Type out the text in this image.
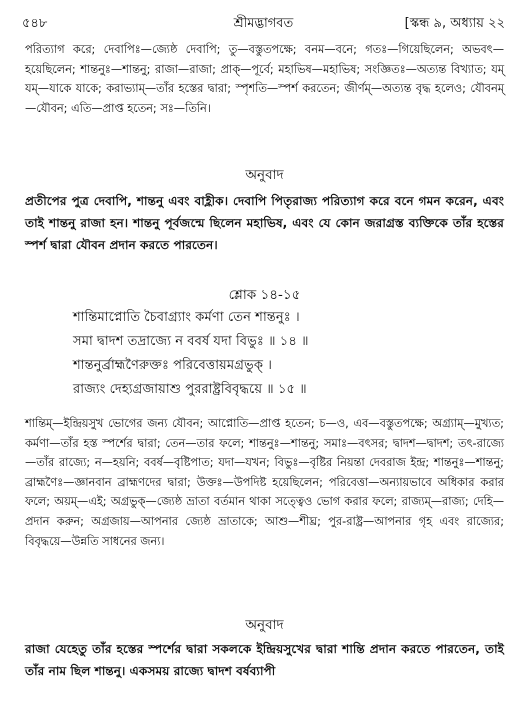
৫৪৮	শ্রীমদ্ভাগবত	[স্কন্ধ ৯, অধ্যায় ২২

পরিত্যাগ করে; দেবাপিঃ—জ্যেষ্ঠ দেবাপি; তু—বস্তুতপক্ষে; বনম—বনে; গতঃ—গিয়েছিলেন; অভবৎ—হয়েছিলেন; শান্তনুঃ—শান্তনু; রাজা—রাজা; প্রাক্—পূর্বে; মহাভিষ—মহাভিষ; সংজ্ঞিতঃ—অত্যন্ত বিখ্যাত; যম্‌ যম্‌—যাকে যাকে; করাভ্যাম্—তাঁর হস্তের দ্বারা; স্পৃশতি—স্পর্শ করতেন; জীর্ণম্—অত্যন্ত বৃদ্ধ হলেও; যৌবনম্—যৌবন; এতি—প্রাপ্ত হতেন; সঃ—তিনি।

অনুবাদ

প্রতীপের পুত্র দেবাপি, শান্তনু এবং বাহ্লীক। দেবাপি পিতৃরাজ্য পরিত্যাগ করে বনে গমন করেন, এবং তাই শান্তনু রাজা হন। শান্তনু পূর্বজন্মে ছিলেন মহাভিষ, এবং যে কোন জরাগ্রস্ত ব্যক্তিকে তাঁর হস্তের স্পর্শ দ্বারা যৌবন প্রদান করতে পারতেন।

শ্লোক ১৪-১৫

শান্তিমাপ্নোতি চৈবাগ্র্যাং কর্মণা তেন শান্তনুঃ ।
সমা দ্বাদশ তদ্রাজ্যে ন ববর্ষ যদা বিভুঃ ॥ ১৪ ॥
শান্তনুর্ব্রাহ্মণৈরুক্তঃ পরিবেত্তায়মগ্রভুক্ ।
রাজ্যং দেহ্যগ্রজায়াশু পুররাষ্ট্রবিবৃদ্ধয়ে ॥ ১৫ ॥

শান্তিম্—ইন্দ্রিয়সুখ ভোগের জন্য যৌবন; আপ্নোতি—প্রাপ্ত হতেন; চ—ও, এব—বস্তুতপক্ষে; অগ্র্যাম্—মুখ্যত; কর্মণা—তাঁর হস্ত স্পর্শের দ্বারা; তেন—তার ফলে; শান্তনুঃ—শান্তনু; সমাঃ—বৎসর; দ্বাদশ—দ্বাদশ; তৎ-রাজ্যে—তাঁর রাজ্যে; ন—হয়নি; ববর্ষ—বৃষ্টিপাত; যদা—যখন; বিভুঃ—বৃষ্টির নিয়ন্তা দেবরাজ ইন্দ্র; শান্তনুঃ—শান্তনু; ব্রাহ্মণৈঃ—জ্ঞানবান ব্রাহ্মণদের দ্বারা; উক্তঃ—উপদিষ্ট হয়েছিলেন; পরিবেত্তা—অন্যায়ভাবে অধিকার করার ফলে; অয়ম্—এই; অগ্রভুক্—জ্যেষ্ঠ ভ্রাতা বর্তমান থাকা সত্ত্বেও ভোগ করার ফলে; রাজ্যম্—রাজ্য; দেহি—প্রদান করুন; অগ্রজায়—আপনার জ্যেষ্ঠ ভ্রাতাকে; আশু—শীঘ্র; পুর-রাষ্ট্র—আপনার গৃহ এবং রাজ্যের; বিবৃদ্ধয়ে—উন্নতি সাধনের জন্য।

অনুবাদ

রাজা যেহেতু তাঁর হস্তের স্পর্শের দ্বারা সকলকে ইন্দ্রিয়সুখের দ্বারা শান্তি প্রদান করতে পারতেন, তাই তাঁর নাম ছিল শান্তনু। একসময় রাজ্যে দ্বাদশ বর্ষব্যাপী
